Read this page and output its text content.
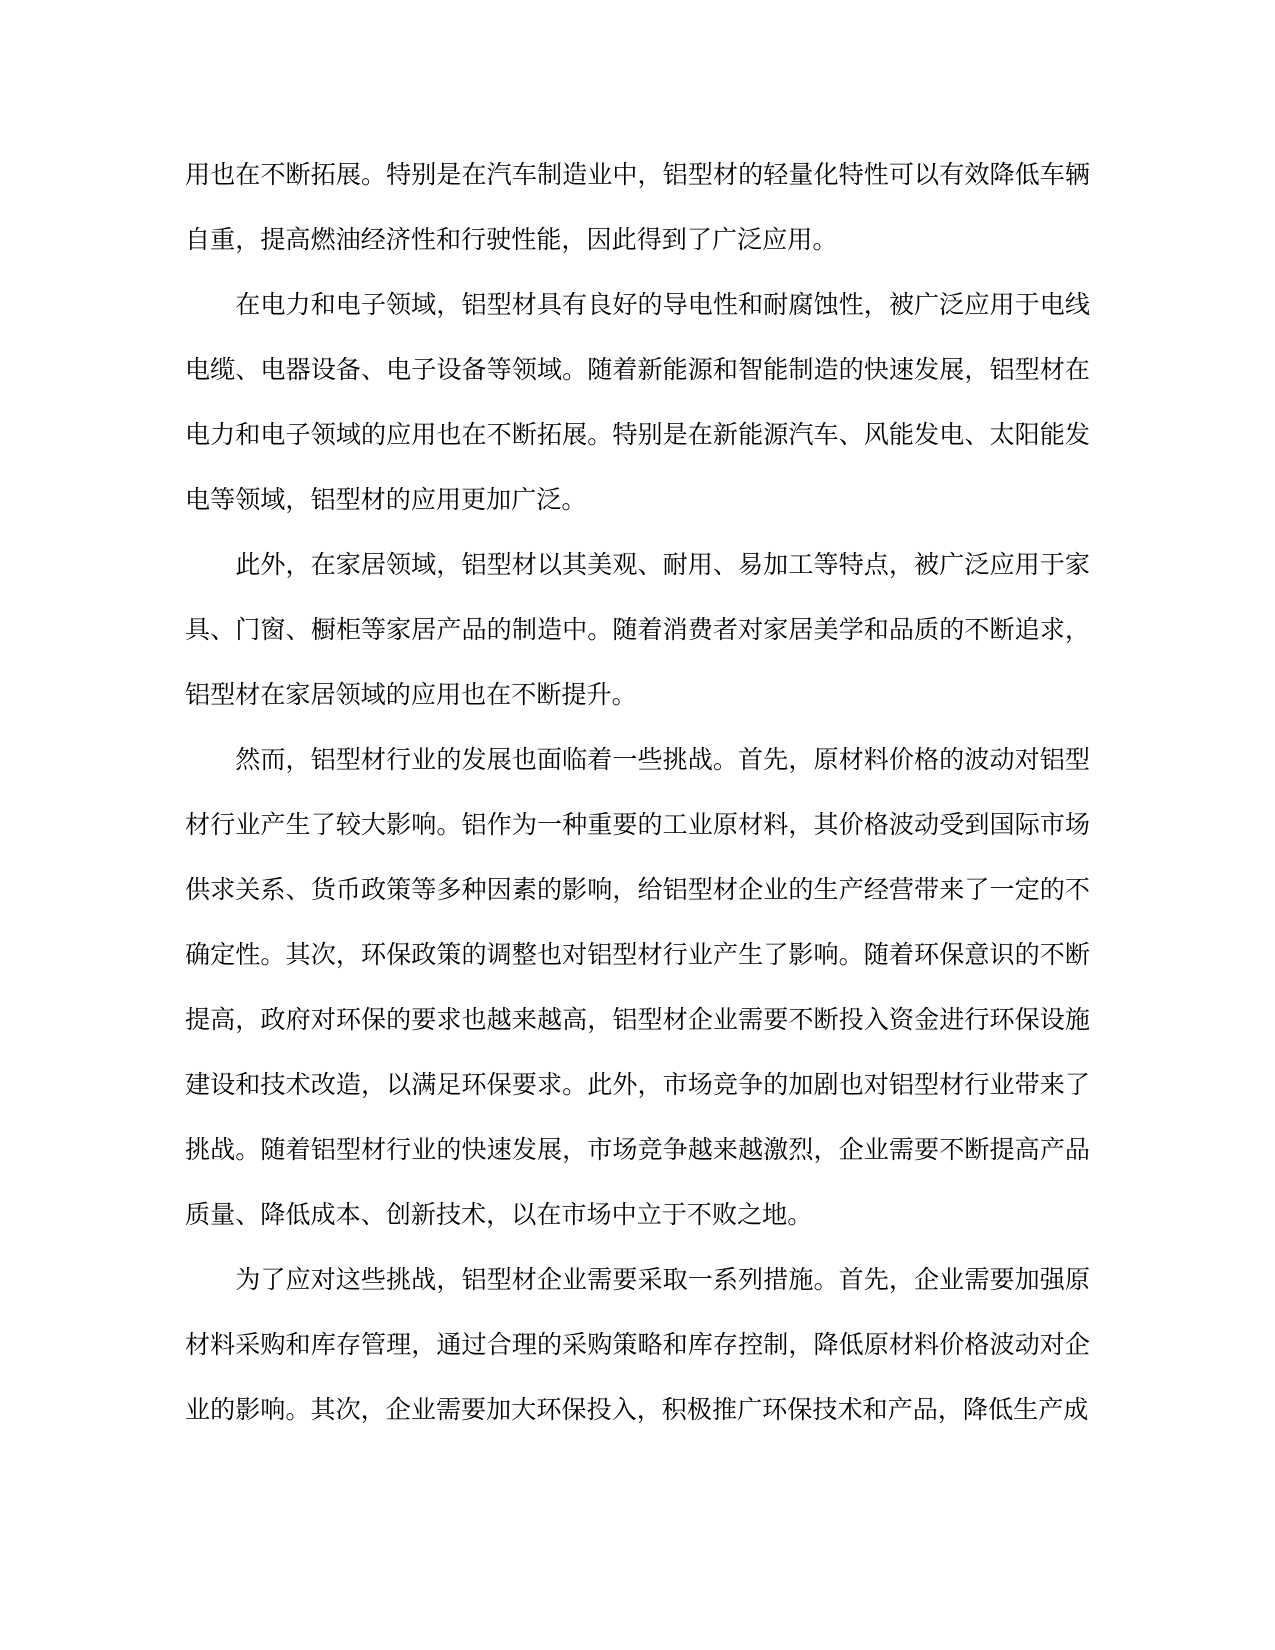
用也在不断拓展。特别是在汽车制造业中，铝型材的轻量化特性可以有效降低车辆自重，提高燃油经济性和行驶性能，因此得到了广泛应用。

在电力和电子领域，铝型材具有良好的导电性和耐腐蚀性，被广泛应用于电线电缆、电器设备、电子设备等领域。随着新能源和智能制造的快速发展，铝型材在电力和电子领域的应用也在不断拓展。特别是在新能源汽车、风能发电、太阳能发电等领域，铝型材的应用更加广泛。

此外，在家居领域，铝型材以其美观、耐用、易加工等特点，被广泛应用于家具、门窗、橱柜等家居产品的制造中。随着消费者对家居美学和品质的不断追求，铝型材在家居领域的应用也在不断提升。

然而，铝型材行业的发展也面临着一些挑战。首先，原材料价格的波动对铝型材行业产生了较大影响。铝作为一种重要的工业原材料，其价格波动受到国际市场供求关系、货币政策等多种因素的影响，给铝型材企业的生产经营带来了一定的不确定性。其次，环保政策的调整也对铝型材行业产生了影响。随着环保意识的不断提高，政府对环保的要求也越来越高，铝型材企业需要不断投入资金进行环保设施建设和技术改造，以满足环保要求。此外，市场竞争的加剧也对铝型材行业带来了挑战。随着铝型材行业的快速发展，市场竞争越来越激烈，企业需要不断提高产品质量、降低成本、创新技术，以在市场中立于不败之地。

为了应对这些挑战，铝型材企业需要采取一系列措施。首先，企业需要加强原材料采购和库存管理，通过合理的采购策略和库存控制，降低原材料价格波动对企业的影响。其次，企业需要加大环保投入，积极推广环保技术和产品，降低生产成
